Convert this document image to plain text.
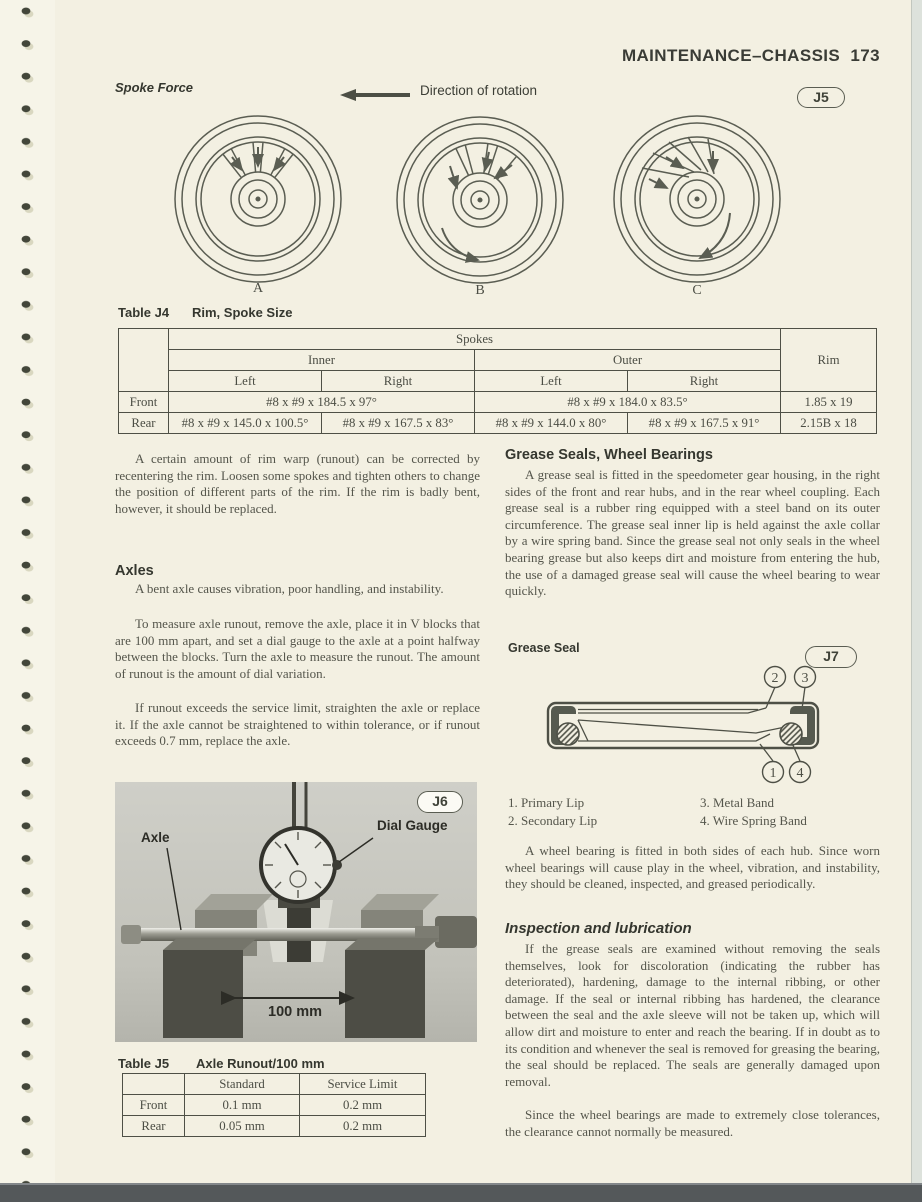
MAINTENANCE–CHASSIS 173
Spoke Force	Direction of rotation	J5
A	B	C
Table J4 Rim, Spoke Size
	Spokes				Rim
	Inner		Outer		
	Left	Right	Left	Right	
Front	#8 x #9 x 184.5 x 97°		#8 x #9 x 184.0 x 83.5°		1.85 x 19
Rear	#8 x #9 x 145.0 x 100.5°	#8 x #9 x 167.5 x 83°	#8 x #9 x 144.0 x 80°	#8 x #9 x 167.5 x 91°	2.15B x 18
A certain amount of rim warp (runout) can be corrected by recentering the rim. Loosen some spokes and tighten others to change the position of different parts of the rim. If the rim is badly bent, however, it should be replaced.
Axles
A bent axle causes vibration, poor handling, and instability.
To measure axle runout, remove the axle, place it in V blocks that are 100 mm apart, and set a dial gauge to the axle at a point halfway between the blocks. Turn the axle to measure the runout. The amount of runout is the amount of dial variation.
If runout exceeds the service limit, straighten the axle or replace it. If the axle cannot be straightened to within tolerance, or if runout exceeds 0.7 mm, replace the axle.
Axle
Dial Gauge
100 mm
J6
Table J5 Axle Runout/100 mm
	Standard	Service Limit
Front	0.1 mm	0.2 mm
Rear	0.05 mm	0.2 mm
Grease Seals, Wheel Bearings
A grease seal is fitted in the speedometer gear housing, in the right sides of the front and rear hubs, and in the rear wheel coupling. Each grease seal is a rubber ring equipped with a steel band on its outer circumference. The grease seal inner lip is held against the axle collar by a wire spring band. Since the grease seal not only seals in the wheel bearing grease but also keeps dirt and moisture from entering the hub, the use of a damaged grease seal will cause the wheel bearing to wear quickly.
Grease Seal	J7
2 3
1 4
1. Primary Lip
2. Secondary Lip
3. Metal Band
4. Wire Spring Band
A wheel bearing is fitted in both sides of each hub. Since worn wheel bearings will cause play in the wheel, vibration, and instability, they should be cleaned, inspected, and greased periodically.
Inspection and lubrication
If the grease seals are examined without removing the seals themselves, look for discoloration (indicating the rubber has deteriorated), hardening, damage to the internal ribbing, or other damage. If the seal or internal ribbing has hardened, the clearance between the seal and the axle sleeve will not be taken up, which will allow dirt and moisture to enter and reach the bearing. If in doubt as to its condition and whenever the seal is removed for greasing the bearing, the seal should be replaced. The seals are generally damaged upon removal.
Since the wheel bearings are made to extremely close tolerances, the clearance cannot normally be measured.
